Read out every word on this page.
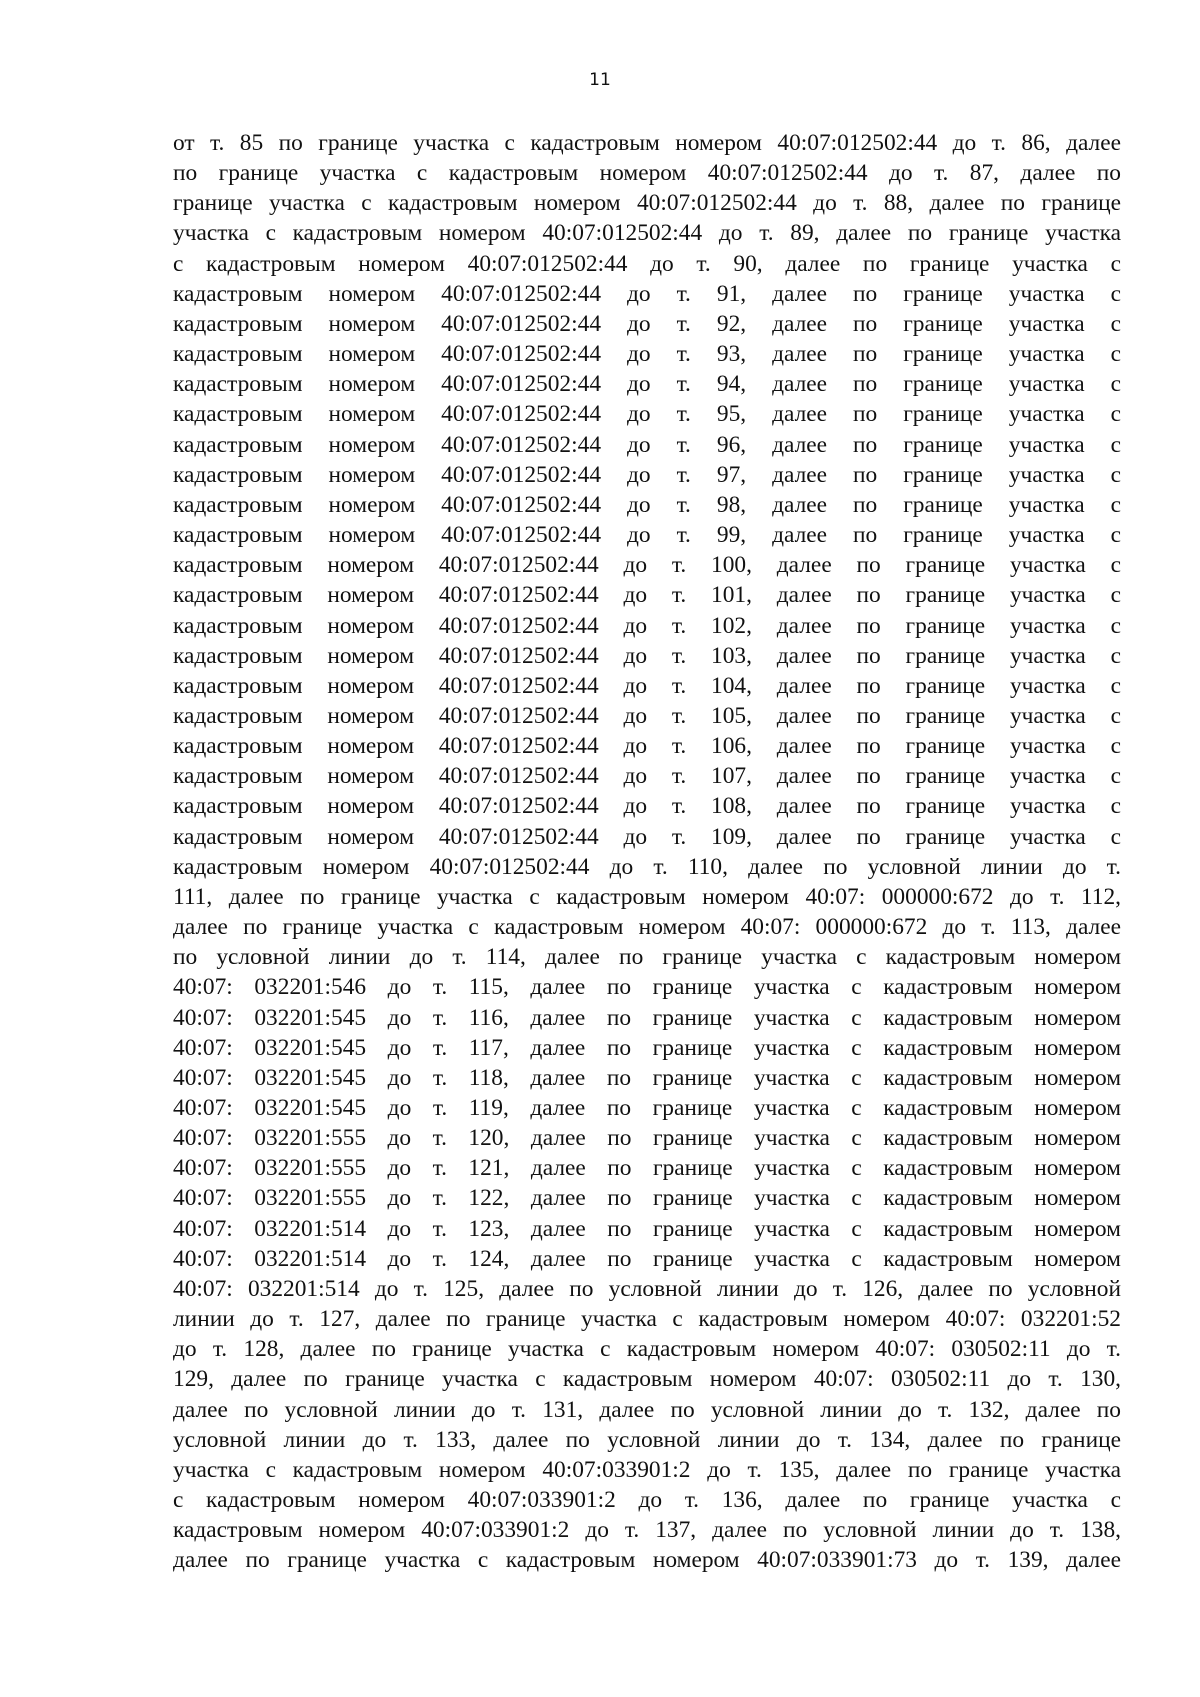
11
от т. 85 по границе участка с кадастровым номером 40:07:012502:44 до т. 86, далее
по границе участка с кадастровым номером 40:07:012502:44 до т. 87, далее по
границе участка с кадастровым номером 40:07:012502:44 до т. 88, далее по границе
участка с кадастровым номером 40:07:012502:44 до т. 89, далее по границе участка
с кадастровым номером 40:07:012502:44 до т. 90, далее по границе участка с
кадастровым номером 40:07:012502:44 до т. 91, далее по границе участка с
кадастровым номером 40:07:012502:44 до т. 92, далее по границе участка с
кадастровым номером 40:07:012502:44 до т. 93, далее по границе участка с
кадастровым номером 40:07:012502:44 до т. 94, далее по границе участка с
кадастровым номером 40:07:012502:44 до т. 95, далее по границе участка с
кадастровым номером 40:07:012502:44 до т. 96, далее по границе участка с
кадастровым номером 40:07:012502:44 до т. 97, далее по границе участка с
кадастровым номером 40:07:012502:44 до т. 98, далее по границе участка с
кадастровым номером 40:07:012502:44 до т. 99, далее по границе участка с
кадастровым номером 40:07:012502:44 до т. 100, далее по границе участка с
кадастровым номером 40:07:012502:44 до т. 101, далее по границе участка с
кадастровым номером 40:07:012502:44 до т. 102, далее по границе участка с
кадастровым номером 40:07:012502:44 до т. 103, далее по границе участка с
кадастровым номером 40:07:012502:44 до т. 104, далее по границе участка с
кадастровым номером 40:07:012502:44 до т. 105, далее по границе участка с
кадастровым номером 40:07:012502:44 до т. 106, далее по границе участка с
кадастровым номером 40:07:012502:44 до т. 107, далее по границе участка с
кадастровым номером 40:07:012502:44 до т. 108, далее по границе участка с
кадастровым номером 40:07:012502:44 до т. 109, далее по границе участка с
кадастровым номером 40:07:012502:44 до т. 110, далее по условной линии до т.
111, далее по границе участка с кадастровым номером 40:07: 000000:672 до т. 112,
далее по границе участка с кадастровым номером 40:07: 000000:672 до т. 113, далее
по условной линии до т. 114, далее по границе участка с кадастровым номером
40:07: 032201:546 до т. 115, далее по границе участка с кадастровым номером
40:07: 032201:545 до т. 116, далее по границе участка с кадастровым номером
40:07: 032201:545 до т. 117, далее по границе участка с кадастровым номером
40:07: 032201:545 до т. 118, далее по границе участка с кадастровым номером
40:07: 032201:545 до т. 119, далее по границе участка с кадастровым номером
40:07: 032201:555 до т. 120, далее по границе участка с кадастровым номером
40:07: 032201:555 до т. 121, далее по границе участка с кадастровым номером
40:07: 032201:555 до т. 122, далее по границе участка с кадастровым номером
40:07: 032201:514 до т. 123, далее по границе участка с кадастровым номером
40:07: 032201:514 до т. 124, далее по границе участка с кадастровым номером
40:07: 032201:514 до т. 125, далее по условной линии до т. 126, далее по условной
линии до т. 127, далее по границе участка с кадастровым номером 40:07: 032201:52
до т. 128, далее по границе участка с кадастровым номером 40:07: 030502:11 до т.
129, далее по границе участка с кадастровым номером 40:07: 030502:11 до т. 130,
далее по условной линии до т. 131, далее по условной линии до т. 132, далее по
условной линии до т. 133, далее по условной линии до т. 134, далее по границе
участка с кадастровым номером 40:07:033901:2 до т. 135, далее по границе участка
с кадастровым номером 40:07:033901:2 до т. 136, далее по границе участка с
кадастровым номером 40:07:033901:2 до т. 137, далее по условной линии до т. 138,
далее по границе участка с кадастровым номером 40:07:033901:73 до т. 139, далее
